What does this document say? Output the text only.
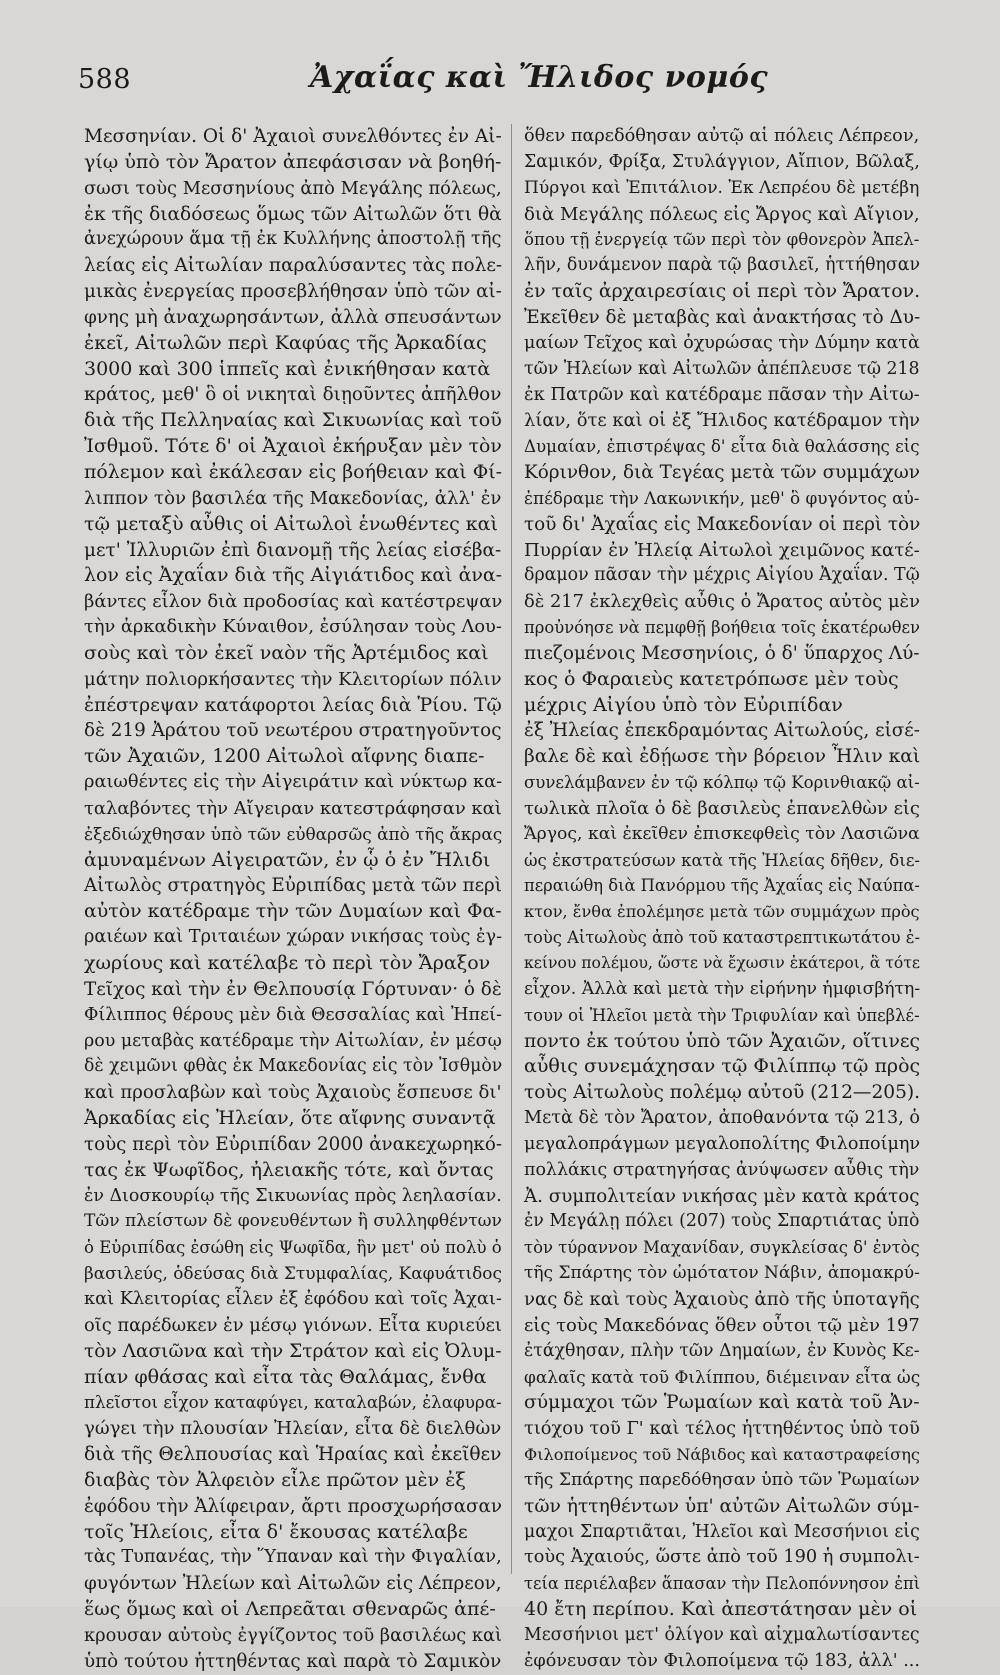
588	Ἀχαΐας καὶ Ἤλιδος νομός
Μεσσηνίαν. Οἱ δ' Ἀχαιοὶ συνελθόντες ἐν Αἰ-
γίῳ ὑπὸ τὸν Ἄρατον ἀπεφάσισαν νὰ βοηθή-
σωσι τοὺς Μεσσηνίους ἀπὸ Μεγάλης πόλεως,
ἐκ τῆς διαδόσεως ὅμως τῶν Αἰτωλῶν ὅτι θὰ
ἀνεχώρουν ἅμα τῇ ἐκ Κυλλήνης ἀποστολῇ τῆς
λείας εἰς Αἰτωλίαν παραλύσαντες τὰς πολε-
μικὰς ἐνεργείας προσεβλήθησαν ὑπὸ τῶν αἰ-
φνης μὴ ἀναχωρησάντων, ἀλλὰ σπευσάντων
ἐκεῖ, Αἰτωλῶν περὶ Καφύας τῆς Ἀρκαδίας
3000 καὶ 300 ἱππεῖς καὶ ἐνικήθησαν κατὰ
κράτος, μεθ' ὃ οἱ νικηταὶ διῃοῦντες ἀπῆλθον
διὰ τῆς Πελληναίας καὶ Σικυωνίας καὶ τοῦ
Ἰσθμοῦ. Τότε δ' οἱ Ἀχαιοὶ ἐκήρυξαν μὲν τὸν
πόλεμον καὶ ἐκάλεσαν εἰς βοήθειαν καὶ Φί-
λιππον τὸν βασιλέα τῆς Μακεδονίας, ἀλλ' ἐν
τῷ μεταξὺ αὖθις οἱ Αἰτωλοὶ ἑνωθέντες καὶ
μετ' Ἰλλυριῶν ἐπὶ διανομῇ τῆς λείας εἰσέβα-
λον εἰς Ἀχαΐαν διὰ τῆς Αἰγιάτιδος καὶ ἀνα-
βάντες εἷλον διὰ προδοσίας καὶ κατέστρεψαν
τὴν ἀρκαδικὴν Κύναιθον, ἐσύλησαν τοὺς Λου-
σοὺς καὶ τὸν ἐκεῖ ναὸν τῆς Ἀρτέμιδος καὶ
μάτην πολιορκήσαντες τὴν Κλειτορίων πόλιν
ἐπέστρεψαν κατάφορτοι λείας διὰ Ῥίου. Τῷ
δὲ 219 Ἀράτου τοῦ νεωτέρου στρατηγοῦντος
τῶν Ἀχαιῶν, 1200 Αἰτωλοὶ αἴφνης διαπε-
ραιωθέντες εἰς τὴν Αἰγειράτιν καὶ νύκτωρ κα-
ταλαβόντες τὴν Αἴγειραν κατεστράφησαν καὶ
ἐξεδιώχθησαν ὑπὸ τῶν εὐθαρσῶς ἀπὸ τῆς ἄκρας
ἀμυναμένων Αἰγειρατῶν, ἐν ᾧ ὁ ἐν Ἤλιδι
Αἰτωλὸς στρατηγὸς Εὐριπίδας μετὰ τῶν περὶ
αὐτὸν κατέδραμε τὴν τῶν Δυμαίων καὶ Φα-
ραιέων καὶ Τριταιέων χώραν νικήσας τοὺς ἐγ-
χωρίους καὶ κατέλαβε τὸ περὶ τὸν Ἄραξον
Τεῖχος καὶ τὴν ἐν Θελπουσίᾳ Γόρτυναν· ὁ δὲ
Φίλιππος θέρους μὲν διὰ Θεσσαλίας καὶ Ἠπεί-
ρου μεταβὰς κατέδραμε τὴν Αἰτωλίαν, ἐν μέσῳ
δὲ χειμῶνι φθὰς ἐκ Μακεδονίας εἰς τὸν Ἰσθμὸν
καὶ προσλαβὼν καὶ τοὺς Ἀχαιοὺς ἔσπευσε δι'
Ἀρκαδίας εἰς Ἠλείαν, ὅτε αἴφνης συναντᾷ
τοὺς περὶ τὸν Εὐριπίδαν 2000 ἀνακεχωρηκό-
τας ἐκ Ψωφῖδος, ἠλειακῆς τότε, καὶ ὄντας
ἐν Διοσκουρίῳ τῆς Σικυωνίας πρὸς λεηλασίαν.
Τῶν πλείστων δὲ φονευθέντων ἢ συλληφθέντων
ὁ Εὐριπίδας ἐσώθη εἰς Ψωφῖδα, ἣν μετ' οὐ πολὺ ὁ
βασιλεύς, ὁδεύσας διὰ Στυμφαλίας, Καφυάτιδος
καὶ Κλειτορίας εἷλεν ἐξ ἐφόδου καὶ τοῖς Ἀχαι-
οῖς παρέδωκεν ἐν μέσῳ γιόνων. Εἶτα κυριεύει
τὸν Λασιῶνα καὶ τὴν Στράτον καὶ εἰς Ὀλυμ-
πίαν φθάσας καὶ εἶτα τὰς Θαλάμας, ἔνθα
πλεῖστοι εἶχον καταφύγει, καταλαβών, ἐλαφυρα-
γώγει τὴν πλουσίαν Ἠλείαν, εἶτα δὲ διελθὼν
διὰ τῆς Θελπουσίας καὶ Ἡραίας καὶ ἐκεῖθεν
διαβὰς τὸν Ἀλφειὸν εἷλε πρῶτον μὲν ἐξ
ἐφόδου τὴν Ἀλίφειραν, ἄρτι προσχωρήσασαν
τοῖς Ἠλείοις, εἶτα δ' ἔκουσας κατέλαβε
τὰς Τυπανέας, τὴν Ὕπαναν καὶ τὴν Φιγαλίαν,
φυγόντων Ἠλείων καὶ Αἰτωλῶν εἰς Λέπρεον,
ἕως ὅμως καὶ οἱ Λεπρεᾶται σθεναρῶς ἀπέ-
κρουσαν αὐτοὺς ἐγγίζοντος τοῦ βασιλέως καὶ
ὑπὸ τούτου ἡττηθέντας καὶ παρὰ τὸ Σαμικὸν
ὅθεν παρεδόθησαν αὐτῷ αἱ πόλεις Λέπρεον,
Σαμικόν, Φρίξα, Στυλάγγιον, Αἴπιον, Βῶλαξ,
Πύργοι καὶ Ἐπιτάλιον. Ἐκ Λεπρέου δὲ μετέβη
διὰ Μεγάλης πόλεως εἰς Ἄργος καὶ Αἴγιον,
ὅπου τῇ ἐνεργείᾳ τῶν περὶ τὸν φθονερὸν Ἀπελ-
λῆν, δυνάμενον παρὰ τῷ βασιλεῖ, ἡττήθησαν
ἐν ταῖς ἀρχαιρεσίαις οἱ περὶ τὸν Ἄρατον.
Ἐκεῖθεν δὲ μεταβὰς καὶ ἀνακτήσας τὸ Δυ-
μαίων Τεῖχος καὶ ὀχυρώσας τὴν Δύμην κατὰ
τῶν Ἠλείων καὶ Αἰτωλῶν ἀπέπλευσε τῷ 218
ἐκ Πατρῶν καὶ κατέδραμε πᾶσαν τὴν Αἰτω-
λίαν, ὅτε καὶ οἱ ἐξ Ἤλιδος κατέδραμον τὴν
Δυμαίαν, ἐπιστρέψας δ' εἶτα διὰ θαλάσσης εἰς
Κόρινθον, διὰ Τεγέας μετὰ τῶν συμμάχων
ἐπέδραμε τὴν Λακωνικήν, μεθ' ὃ φυγόντος αὐ-
τοῦ δι' Ἀχαΐας εἰς Μακεδονίαν οἱ περὶ τὸν
Πυρρίαν ἐν Ἠλείᾳ Αἰτωλοὶ χειμῶνος κατέ-
δραμον πᾶσαν τὴν μέχρις Αἰγίου Ἀχαΐαν. Τῷ
δὲ 217 ἐκλεχθεὶς αὖθις ὁ Ἄρατος αὐτὸς μὲν
προὐνόησε νὰ πεμφθῇ βοήθεια τοῖς ἑκατέρωθεν
πιεζομένοις Μεσσηνίοις, ὁ δ' ὕπαρχος Λύ-
κος ὁ Φαραιεὺς κατετρόπωσε μὲν τοὺς
μέχρις Αἰγίου ὑπὸ τὸν Εὐριπίδαν
ἐξ Ἠλείας ἐπεκδραμόντας Αἰτωλούς, εἰσέ-
βαλε δὲ καὶ ἐδῄωσε τὴν βόρειον Ἦλιν καὶ
συνελάμβανεν ἐν τῷ κόλπῳ τῷ Κορινθιακῷ αἰ-
τωλικὰ πλοῖα ὁ δὲ βασιλεὺς ἐπανελθὼν εἰς
Ἄργος, καὶ ἐκεῖθεν ἐπισκεφθεὶς τὸν Λασιῶνα
ὡς ἐκστρατεύσων κατὰ τῆς Ἠλείας δῆθεν, διε-
περαιώθη διὰ Πανόρμου τῆς Ἀχαΐας εἰς Ναύπα-
κτον, ἔνθα ἐπολέμησε μετὰ τῶν συμμάχων πρὸς
τοὺς Αἰτωλοὺς ἀπὸ τοῦ καταστρεπτικωτάτου ἐ-
κείνου πολέμου, ὥστε νὰ ἔχωσιν ἑκάτεροι, ἃ τότε
εἶχον. Ἀλλὰ καὶ μετὰ τὴν εἰρήνην ἡμφισβήτη-
τουν οἱ Ἠλεῖοι μετὰ τὴν Τριφυλίαν καὶ ὑπεβλέ-
ποντο ἐκ τούτου ὑπὸ τῶν Ἀχαιῶν, οἵτινες
αὖθις συνεμάχησαν τῷ Φιλίππῳ τῷ πρὸς
τοὺς Αἰτωλοὺς πολέμῳ αὐτοῦ (212—205).
Μετὰ δὲ τὸν Ἄρατον, ἀποθανόντα τῷ 213, ὁ
μεγαλοπράγμων μεγαλοπολίτης Φιλοποίμην
πολλάκις στρατηγήσας ἀνύψωσεν αὖθις τὴν
Ἀ. συμπολιτείαν νικήσας μὲν κατὰ κράτος
ἐν Μεγάλῃ πόλει (207) τοὺς Σπαρτιάτας ὑπὸ
τὸν τύραννον Μαχανίδαν, συγκλείσας δ' ἐντὸς
τῆς Σπάρτης τὸν ὠμότατον Νάβιν, ἀπομακρύ-
νας δὲ καὶ τοὺς Ἀχαιοὺς ἀπὸ τῆς ὑποταγῆς
εἰς τοὺς Μακεδόνας ὅθεν οὗτοι τῷ μὲν 197
ἐτάχθησαν, πλὴν τῶν Δημαίων, ἐν Κυνὸς Κε-
φαλαῖς κατὰ τοῦ Φιλίππου, διέμειναν εἶτα ὡς
σύμμαχοι τῶν Ῥωμαίων καὶ κατὰ τοῦ Ἀν-
τιόχου τοῦ Γ' καὶ τέλος ἡττηθέντος ὑπὸ τοῦ
Φιλοποίμενος τοῦ Νάβιδος καὶ καταστραφείσης
τῆς Σπάρτης παρεδόθησαν ὑπὸ τῶν Ῥωμαίων
τῶν ἡττηθέντων ὑπ' αὐτῶν Αἰτωλῶν σύμ-
μαχοι Σπαρτιᾶται, Ἠλεῖοι καὶ Μεσσήνιοι εἰς
τοὺς Ἀχαιούς, ὥστε ἀπὸ τοῦ 190 ἡ συμπολι-
τεία περιέλαβεν ἅπασαν τὴν Πελοπόννησον ἐπὶ
40 ἔτη περίπου. Καὶ ἀπεστάτησαν μὲν οἱ
Μεσσήνιοι μετ' ὀλίγον καὶ αἰχμαλωτίσαντες
ἐφόνευσαν τὸν Φιλοποίμενα τῷ 183, ἀλλ' ...
